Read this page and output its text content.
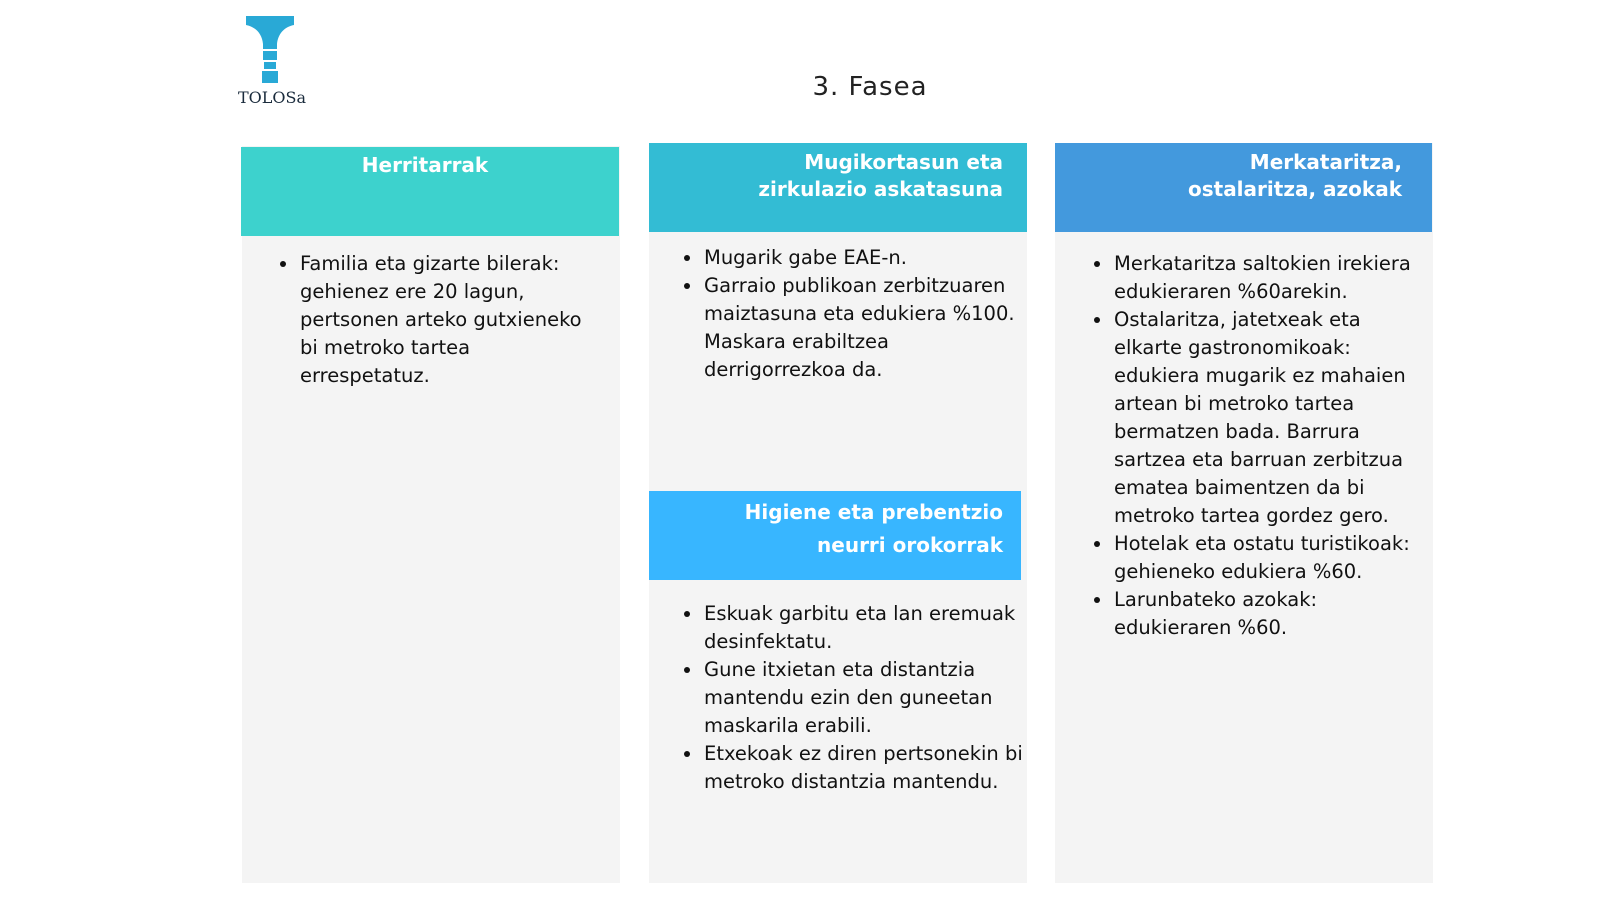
TOLOSa	3. Fasea
Herritarrak
Familia eta gizarte bilerak: gehienez ere 20 lagun, pertsonen arteko gutxieneko bi metroko tartea errespetatuz.
Mugikortasun eta
zirkulazio askatasuna
Mugarik gabe EAE-n.
Garraio publikoan zerbitzuaren maiztasuna eta edukiera %100. Maskara erabiltzea derrigorrezkoa da.
Higiene eta prebentzio
neurri orokorrak
Eskuak garbitu eta lan eremuak desinfektatu.
Gune itxietan eta distantzia mantendu ezin den guneetan maskarila erabili.
Etxekoak ez diren pertsonekin bi metroko distantzia mantendu.
Merkataritza,
ostalaritza, azokak
Merkataritza saltokien irekiera edukieraren %60arekin.
Ostalaritza, jatetxeak eta elkarte gastronomikoak: edukiera mugarik ez mahaien artean bi metroko tartea bermatzen bada. Barrura sartzea eta barruan zerbitzua ematea baimentzen da bi metroko tartea gordez gero.
Hotelak eta ostatu turistikoak: gehieneko edukiera %60.
Larunbateko azokak: edukieraren %60.
